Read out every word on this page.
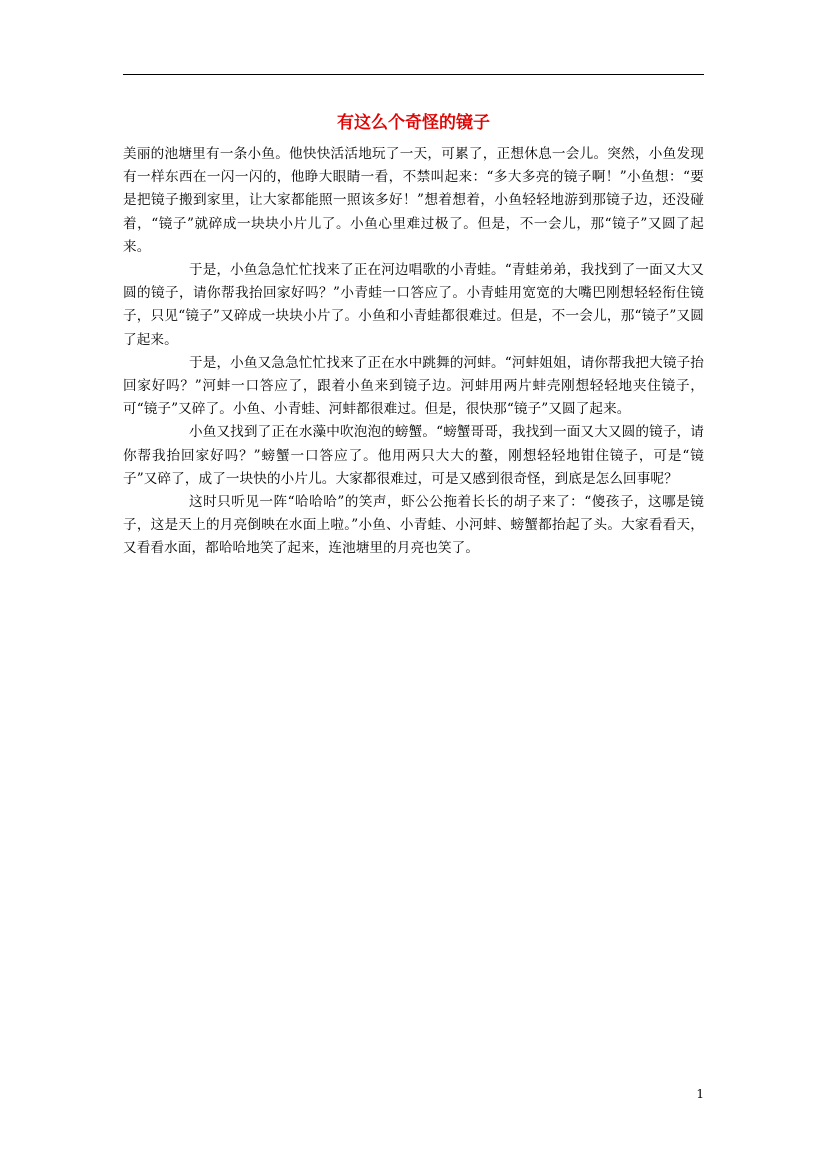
有这么个奇怪的镜子

美丽的池塘里有一条小鱼。他快快活活地玩了一天，可累了，正想休息一会儿。突然，小鱼发现有一样东西在一闪一闪的，他睁大眼睛一看，不禁叫起来：“多大多亮的镜子啊！”小鱼想：“要是把镜子搬到家里，让大家都能照一照该多好！”想着想着，小鱼轻轻地游到那镜子边，还没碰着，“镜子”就碎成一块块小片儿了。小鱼心里难过极了。但是，不一会儿，那“镜子”又圆了起来。

于是，小鱼急急忙忙找来了正在河边唱歌的小青蛙。“青蛙弟弟，我找到了一面又大又圆的镜子，请你帮我抬回家好吗？”小青蛙一口答应了。小青蛙用宽宽的大嘴巴刚想轻轻衔住镜子，只见“镜子”又碎成一块块小片了。小鱼和小青蛙都很难过。但是，不一会儿，那“镜子”又圆了起来。

于是，小鱼又急急忙忙找来了正在水中跳舞的河蚌。“河蚌姐姐，请你帮我把大镜子抬回家好吗？”河蚌一口答应了，跟着小鱼来到镜子边。河蚌用两片蚌壳刚想轻轻地夹住镜子，可“镜子”又碎了。小鱼、小青蛙、河蚌都很难过。但是，很快那“镜子”又圆了起来。

小鱼又找到了正在水藻中吹泡泡的螃蟹。“螃蟹哥哥，我找到一面又大又圆的镜子，请你帮我抬回家好吗？”螃蟹一口答应了。他用两只大大的螯，刚想轻轻地钳住镜子，可是“镜子”又碎了，成了一块快的小片儿。大家都很难过，可是又感到很奇怪，到底是怎么回事呢？

这时只听见一阵“哈哈哈”的笑声，虾公公拖着长长的胡子来了：“傻孩子，这哪是镜子，这是天上的月亮倒映在水面上啦。”小鱼、小青蛙、小河蚌、螃蟹都抬起了头。大家看看天，又看看水面，都哈哈地笑了起来，连池塘里的月亮也笑了。

1
